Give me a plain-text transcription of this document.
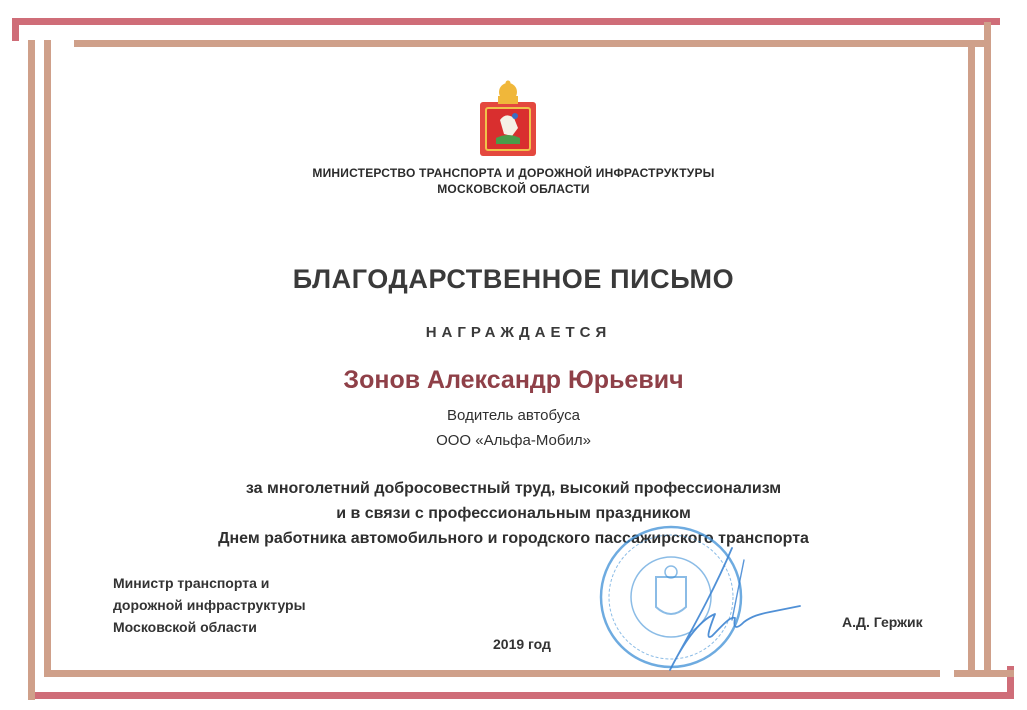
МИНИСТЕРСТВО ТРАНСПОРТА И ДОРОЖНОЙ ИНФРАСТРУКТУРЫ
МОСКОВСКОЙ ОБЛАСТИ
БЛАГОДАРСТВЕННОЕ ПИСЬМО
НАГРАЖДАЕТСЯ
Зонов Александр Юрьевич
Водитель автобуса
ООО «Альфа-Мобил»
за многолетний добросовестный труд, высокий профессионализм
и в связи с профессиональным праздником
Днем работника автомобильного и городского пассажирского транспорта
Министр транспорта и
дорожной инфраструктуры
Московской области
2019 год
А.Д. Гержик
